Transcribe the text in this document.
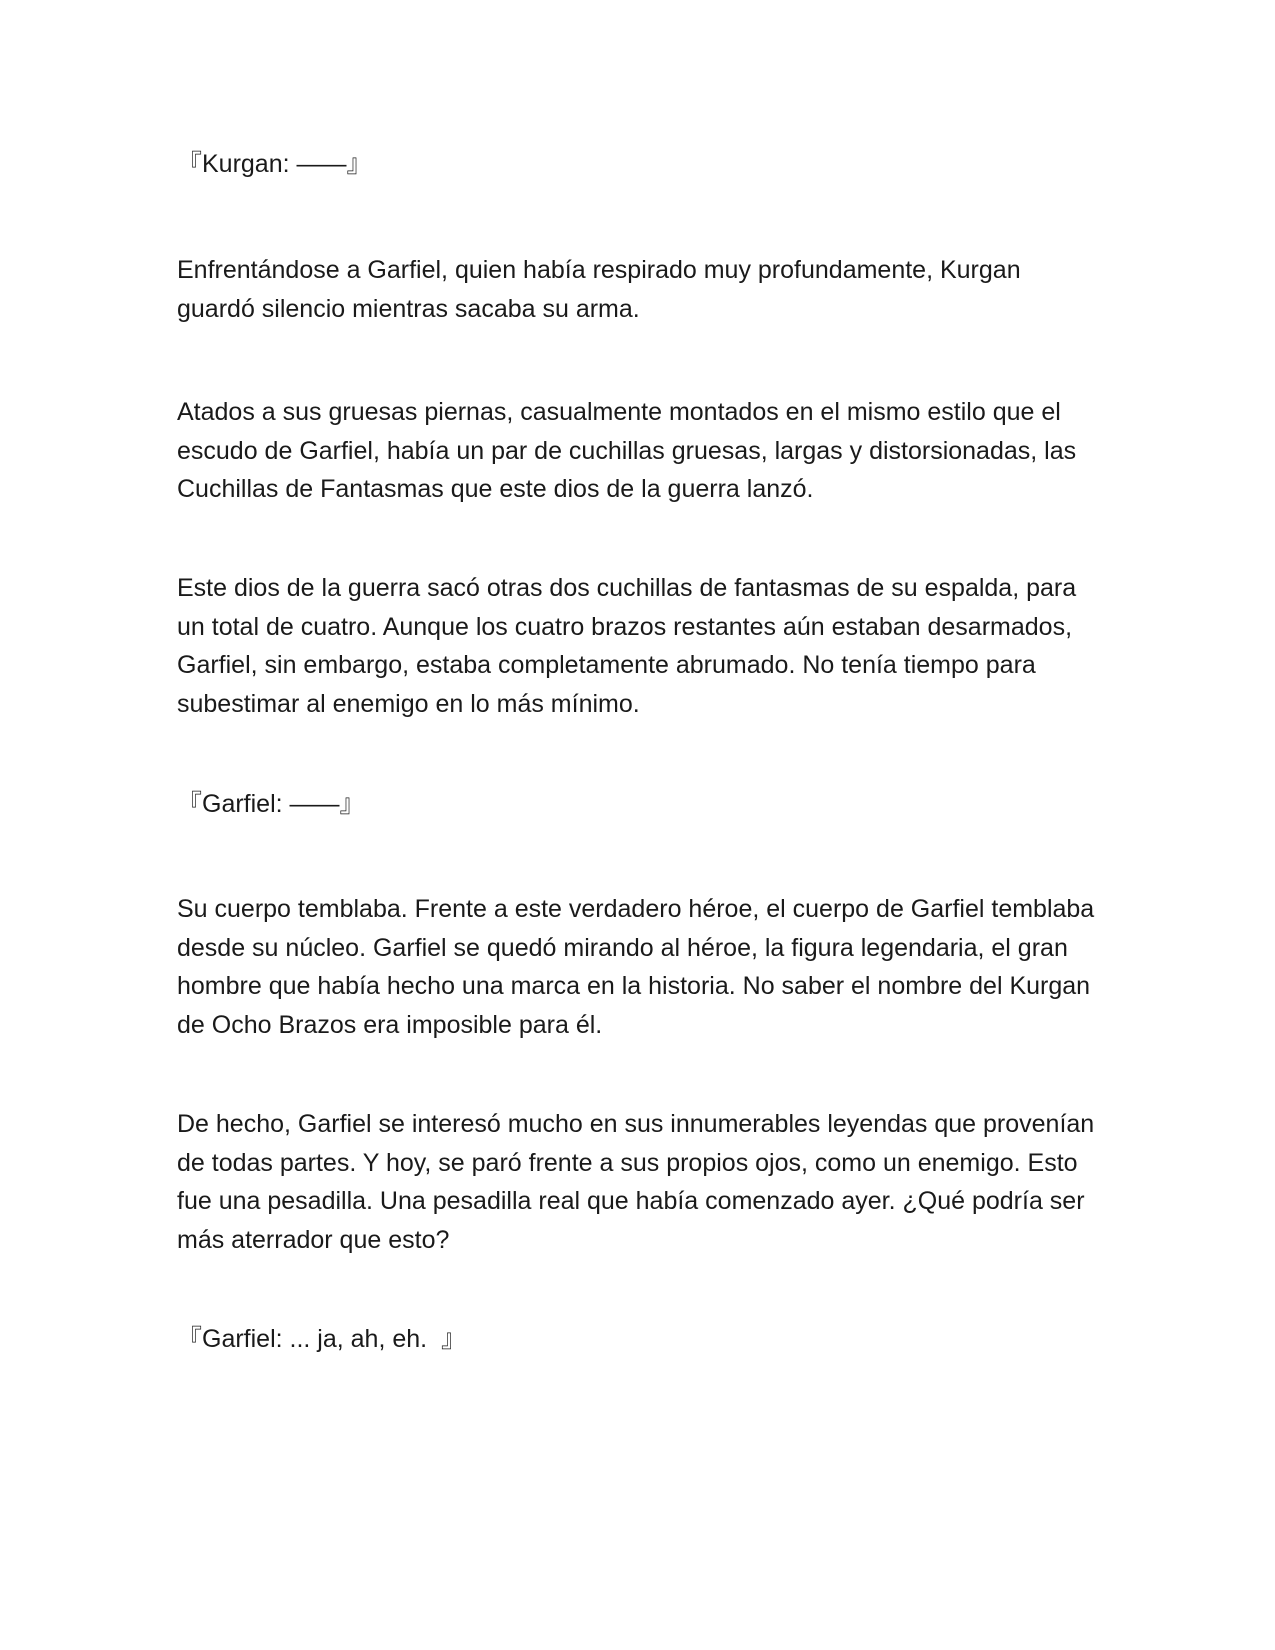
『Kurgan: ——』

Enfrentándose a Garfiel, quien había respirado muy profundamente, Kurgan guardó silencio mientras sacaba su arma.

Atados a sus gruesas piernas, casualmente montados en el mismo estilo que el escudo de Garfiel, había un par de cuchillas gruesas, largas y distorsionadas, las Cuchillas de Fantasmas que este dios de la guerra lanzó.

Este dios de la guerra sacó otras dos cuchillas de fantasmas de su espalda, para un total de cuatro. Aunque los cuatro brazos restantes aún estaban desarmados, Garfiel, sin embargo, estaba completamente abrumado. No tenía tiempo para subestimar al enemigo en lo más mínimo.

『Garfiel: ——』

Su cuerpo temblaba. Frente a este verdadero héroe, el cuerpo de Garfiel temblaba desde su núcleo. Garfiel se quedó mirando al héroe, la figura legendaria, el gran hombre que había hecho una marca en la historia. No saber el nombre del Kurgan de Ocho Brazos era imposible para él.

De hecho, Garfiel se interesó mucho en sus innumerables leyendas que provenían de todas partes. Y hoy, se paró frente a sus propios ojos, como un enemigo. Esto fue una pesadilla. Una pesadilla real que había comenzado ayer. ¿Qué podría ser más aterrador que esto?

『Garfiel: ... ja, ah, eh.  』
